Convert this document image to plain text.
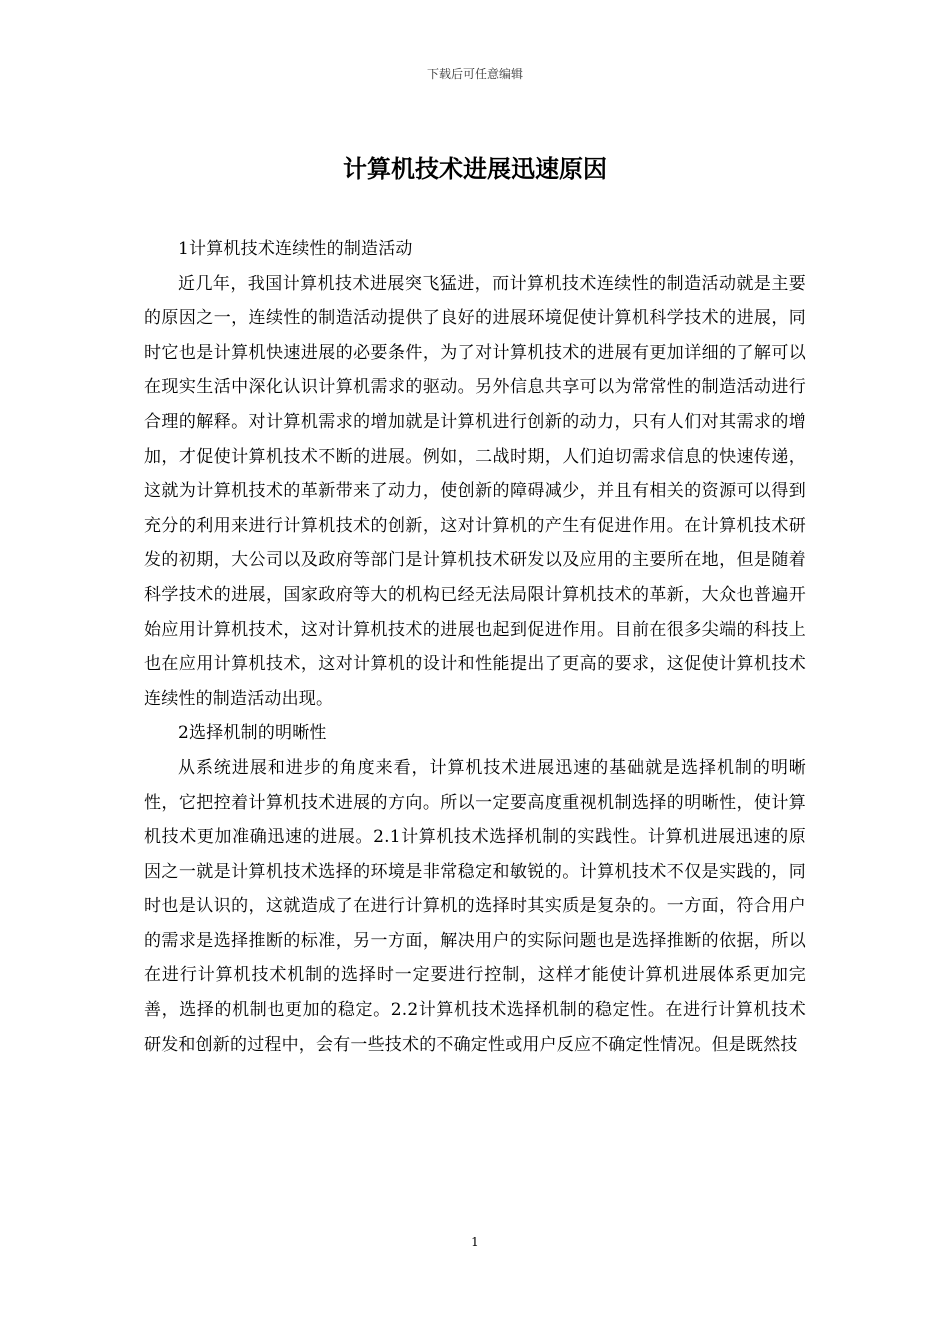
下载后可任意编辑
计算机技术进展迅速原因

1计算机技术连续性的制造活动

近几年，我国计算机技术进展突飞猛进，而计算机技术连续性的制造活动就是主要的原因之一，连续性的制造活动提供了良好的进展环境促使计算机科学技术的进展，同时它也是计算机快速进展的必要条件，为了对计算机技术的进展有更加详细的了解可以在现实生活中深化认识计算机需求的驱动。另外信息共享可以为常常性的制造活动进行合理的解释。对计算机需求的增加就是计算机进行创新的动力，只有人们对其需求的增加，才促使计算机技术不断的进展。例如，二战时期，人们迫切需求信息的快速传递，这就为计算机技术的革新带来了动力，使创新的障碍减少，并且有相关的资源可以得到充分的利用来进行计算机技术的创新，这对计算机的产生有促进作用。在计算机技术研发的初期，大公司以及政府等部门是计算机技术研发以及应用的主要所在地，但是随着科学技术的进展，国家政府等大的机构已经无法局限计算机技术的革新，大众也普遍开始应用计算机技术，这对计算机技术的进展也起到促进作用。目前在很多尖端的科技上也在应用计算机技术，这对计算机的设计和性能提出了更高的要求，这促使计算机技术连续性的制造活动出现。

2选择机制的明晰性

从系统进展和进步的角度来看，计算机技术进展迅速的基础就是选择机制的明晰性，它把控着计算机技术进展的方向。所以一定要高度重视机制选择的明晰性，使计算机技术更加准确迅速的进展。2.1计算机技术选择机制的实践性。计算机进展迅速的原因之一就是计算机技术选择的环境是非常稳定和敏锐的。计算机技术不仅是实践的，同时也是认识的，这就造成了在进行计算机的选择时其实质是复杂的。一方面，符合用户的需求是选择推断的标准，另一方面，解决用户的实际问题也是选择推断的依据，所以在进行计算机技术机制的选择时一定要进行控制，这样才能使计算机进展体系更加完善，选择的机制也更加的稳定。2.2计算机技术选择机制的稳定性。在进行计算机技术研发和创新的过程中，会有一些技术的不确定性或用户反应不确定性情况。但是既然技

1
